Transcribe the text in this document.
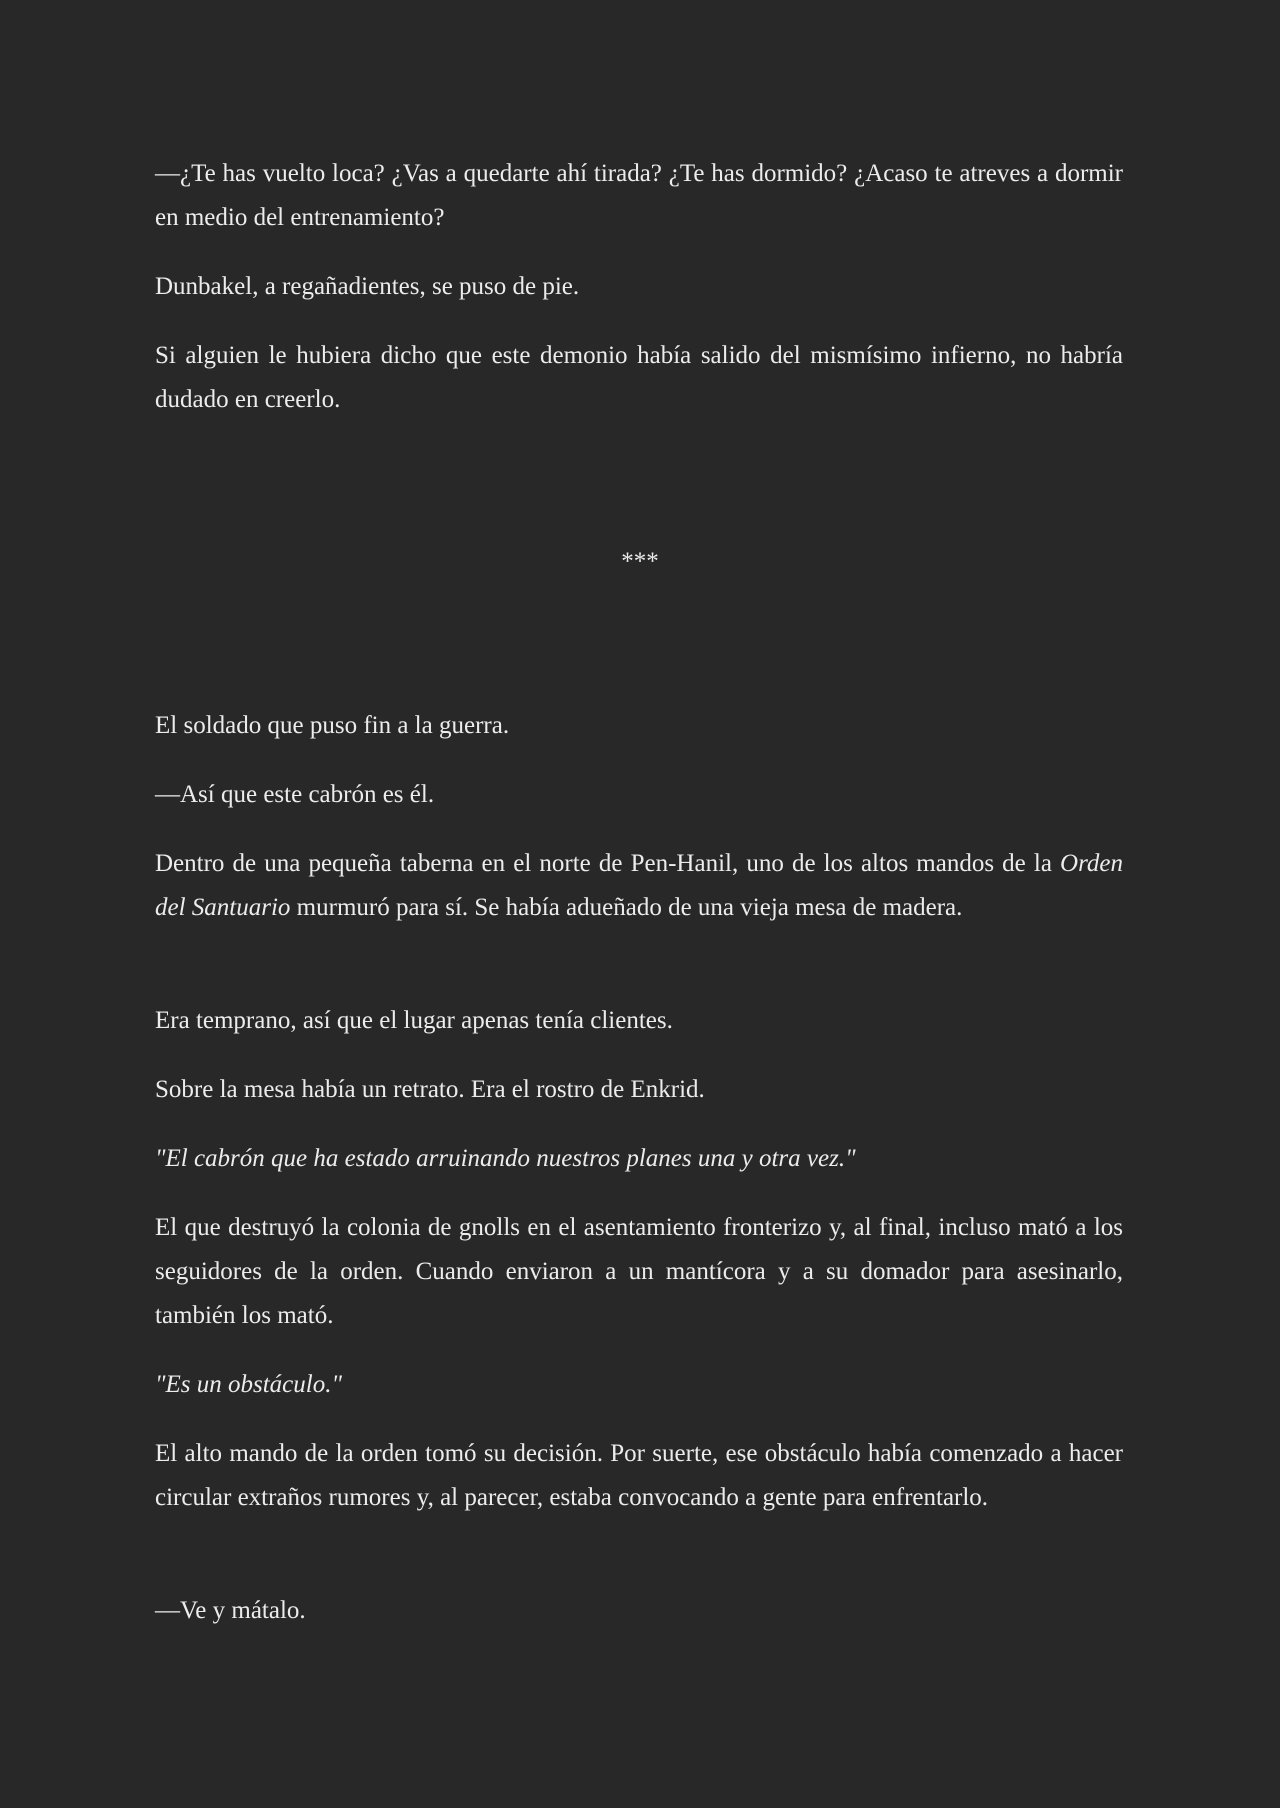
—¿Te has vuelto loca? ¿Vas a quedarte ahí tirada? ¿Te has dormido? ¿Acaso te atreves a dormir en medio del entrenamiento?

Dunbakel, a regañadientes, se puso de pie.

Si alguien le hubiera dicho que este demonio había salido del mismísimo infierno, no habría dudado en creerlo.

***

El soldado que puso fin a la guerra.

—Así que este cabrón es él.

Dentro de una pequeña taberna en el norte de Pen-Hanil, uno de los altos mandos de la Orden del Santuario murmuró para sí. Se había adueñado de una vieja mesa de madera.

Era temprano, así que el lugar apenas tenía clientes.

Sobre la mesa había un retrato. Era el rostro de Enkrid.

"El cabrón que ha estado arruinando nuestros planes una y otra vez."

El que destruyó la colonia de gnolls en el asentamiento fronterizo y, al final, incluso mató a los seguidores de la orden. Cuando enviaron a un mantícora y a su domador para asesinarlo, también los mató.

"Es un obstáculo."

El alto mando de la orden tomó su decisión. Por suerte, ese obstáculo había comenzado a hacer circular extraños rumores y, al parecer, estaba convocando a gente para enfrentarlo.

—Ve y mátalo.
